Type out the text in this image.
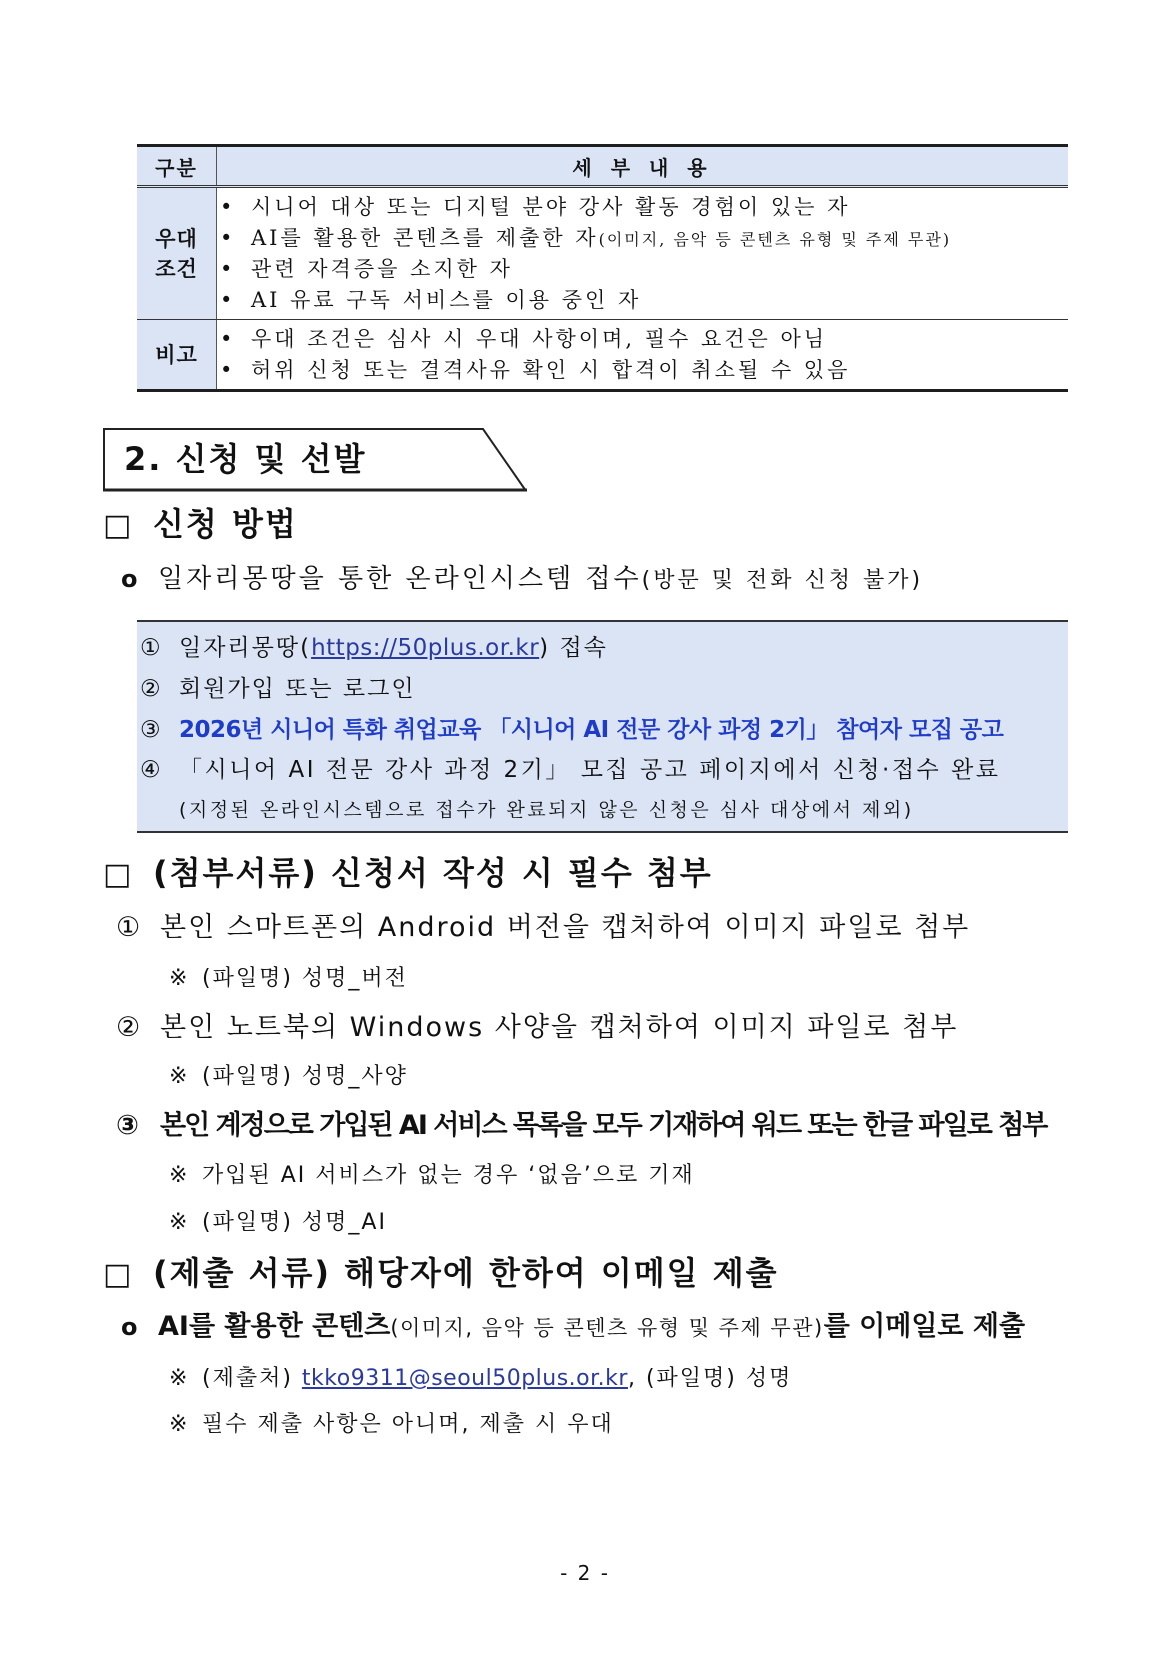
구분	세 부 내 용
우대
조건
• 시니어 대상 또는 디지털 분야 강사 활동 경험이 있는 자
• AI를 활용한 콘텐츠를 제출한 자(이미지, 음악 등 콘텐츠 유형 및 주제 무관)
• 관련 자격증을 소지한 자
• AI 유료 구독 서비스를 이용 중인 자
비고
• 우대 조건은 심사 시 우대 사항이며, 필수 요건은 아님
• 허위 신청 또는 결격사유 확인 시 합격이 취소될 수 있음
2. 신청 및 선발
□ 신청 방법
o 일자리몽땅을 통한 온라인시스템 접수(방문 및 전화 신청 불가)
① 일자리몽땅(https://50plus.or.kr) 접속
② 회원가입 또는 로그인
③ 2026년 시니어 특화 취업교육 「시니어 AI 전문 강사 과정 2기」 참여자 모집 공고
④ 「시니어 AI 전문 강사 과정 2기」 모집 공고 페이지에서 신청·접수 완료
(지정된 온라인시스템으로 접수가 완료되지 않은 신청은 심사 대상에서 제외)
□ (첨부서류) 신청서 작성 시 필수 첨부
① 본인 스마트폰의 Android 버전을 캡처하여 이미지 파일로 첨부
※ (파일명) 성명_버전
② 본인 노트북의 Windows 사양을 캡처하여 이미지 파일로 첨부
※ (파일명) 성명_사양
③ 본인 계정으로 가입된 AI 서비스 목록을 모두 기재하여 워드 또는 한글 파일로 첨부
※ 가입된 AI 서비스가 없는 경우 ‘없음’으로 기재
※ (파일명) 성명_AI
□ (제출 서류) 해당자에 한하여 이메일 제출
o AI를 활용한 콘텐츠(이미지, 음악 등 콘텐츠 유형 및 주제 무관)를 이메일로 제출
※ (제출처) tkko9311@seoul50plus.or.kr, (파일명) 성명
※ 필수 제출 사항은 아니며, 제출 시 우대
- 2 -
